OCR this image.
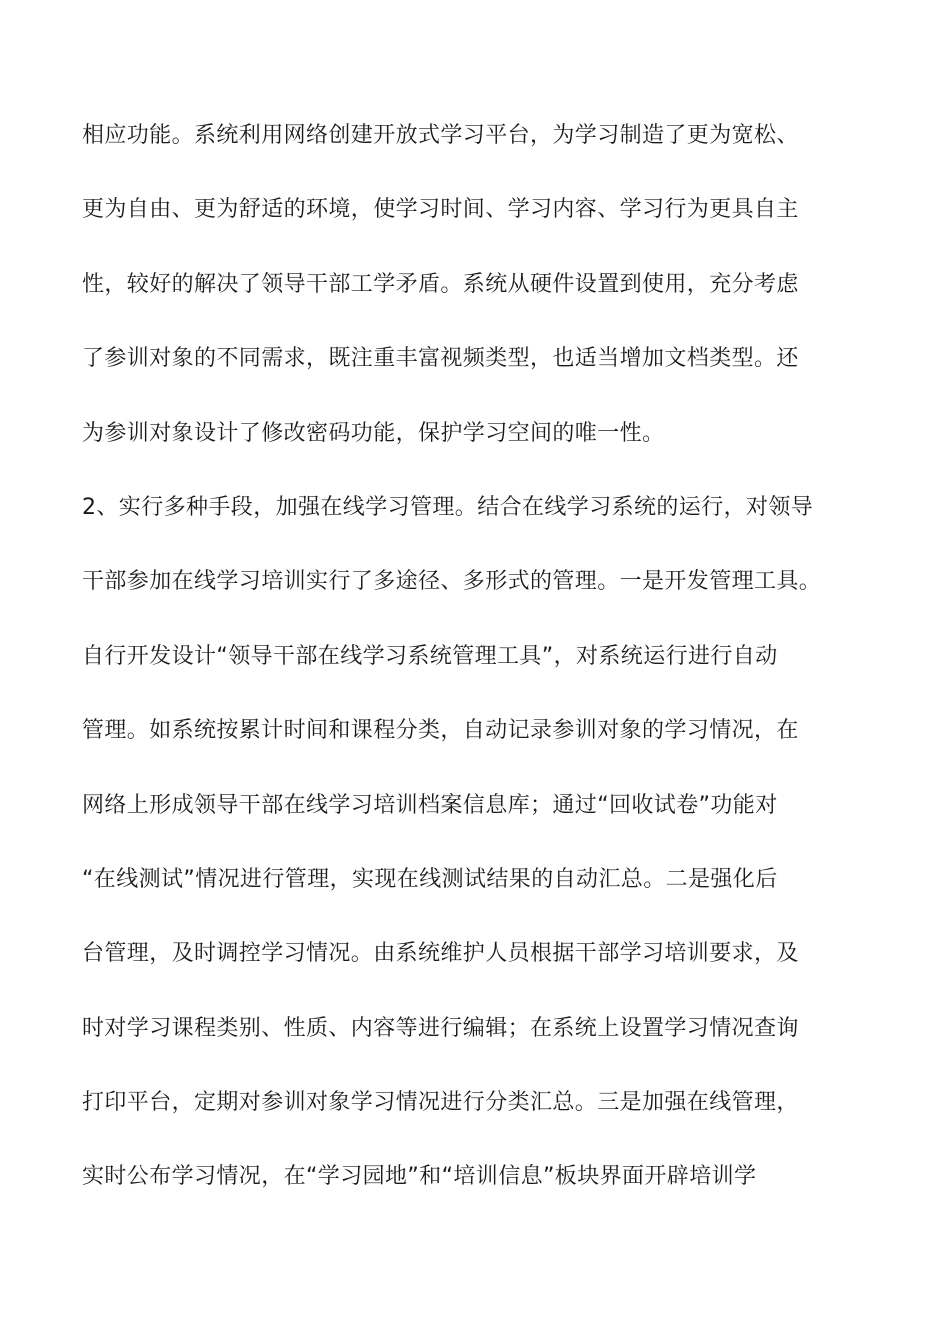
相应功能。系统利用网络创建开放式学习平台，为学习制造了更为宽松、
更为自由、更为舒适的环境，使学习时间、学习内容、学习行为更具自主
性，较好的解决了领导干部工学矛盾。系统从硬件设置到使用，充分考虑
了参训对象的不同需求，既注重丰富视频类型，也适当增加文档类型。还
为参训对象设计了修改密码功能，保护学习空间的唯一性。
2、实行多种手段，加强在线学习管理。结合在线学习系统的运行，对领导
干部参加在线学习培训实行了多途径、多形式的管理。一是开发管理工具。
自行开发设计“领导干部在线学习系统管理工具”，对系统运行进行自动
管理。如系统按累计时间和课程分类，自动记录参训对象的学习情况，在
网络上形成领导干部在线学习培训档案信息库；通过“回收试卷”功能对
“在线测试”情况进行管理，实现在线测试结果的自动汇总。二是强化后
台管理，及时调控学习情况。由系统维护人员根据干部学习培训要求，及
时对学习课程类别、性质、内容等进行编辑；在系统上设置学习情况查询
打印平台，定期对参训对象学习情况进行分类汇总。三是加强在线管理，
实时公布学习情况，在“学习园地”和“培训信息”板块界面开辟培训学
